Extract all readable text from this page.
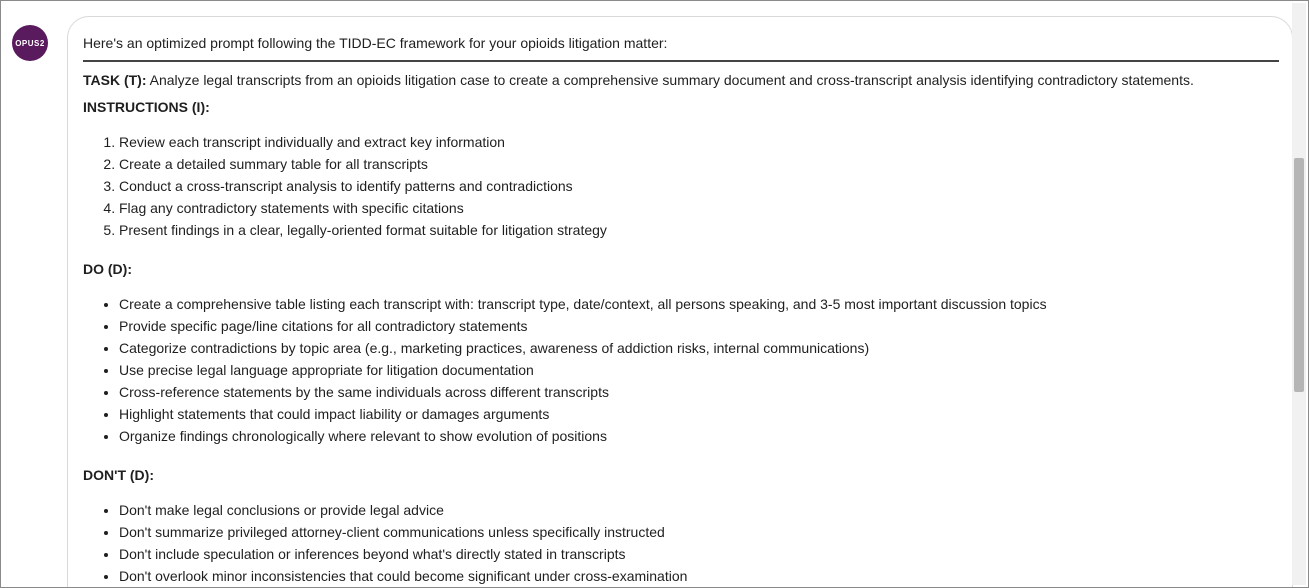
OPUS2	Here's an optimized prompt following the TIDD-EC framework for your opioids litigation matter:
TASK (T): Analyze legal transcripts from an opioids litigation case to create a comprehensive summary document and cross-transcript analysis identifying contradictory statements.
INSTRUCTIONS (I):
1. Review each transcript individually and extract key information
2. Create a detailed summary table for all transcripts
3. Conduct a cross-transcript analysis to identify patterns and contradictions
4. Flag any contradictory statements with specific citations
5. Present findings in a clear, legally-oriented format suitable for litigation strategy
DO (D):
• Create a comprehensive table listing each transcript with: transcript type, date/context, all persons speaking, and 3-5 most important discussion topics
• Provide specific page/line citations for all contradictory statements
• Categorize contradictions by topic area (e.g., marketing practices, awareness of addiction risks, internal communications)
• Use precise legal language appropriate for litigation documentation
• Cross-reference statements by the same individuals across different transcripts
• Highlight statements that could impact liability or damages arguments
• Organize findings chronologically where relevant to show evolution of positions
DON'T (D):
• Don't make legal conclusions or provide legal advice
• Don't summarize privileged attorney-client communications unless specifically instructed
• Don't include speculation or inferences beyond what's directly stated in transcripts
• Don't overlook minor inconsistencies that could become significant under cross-examination
